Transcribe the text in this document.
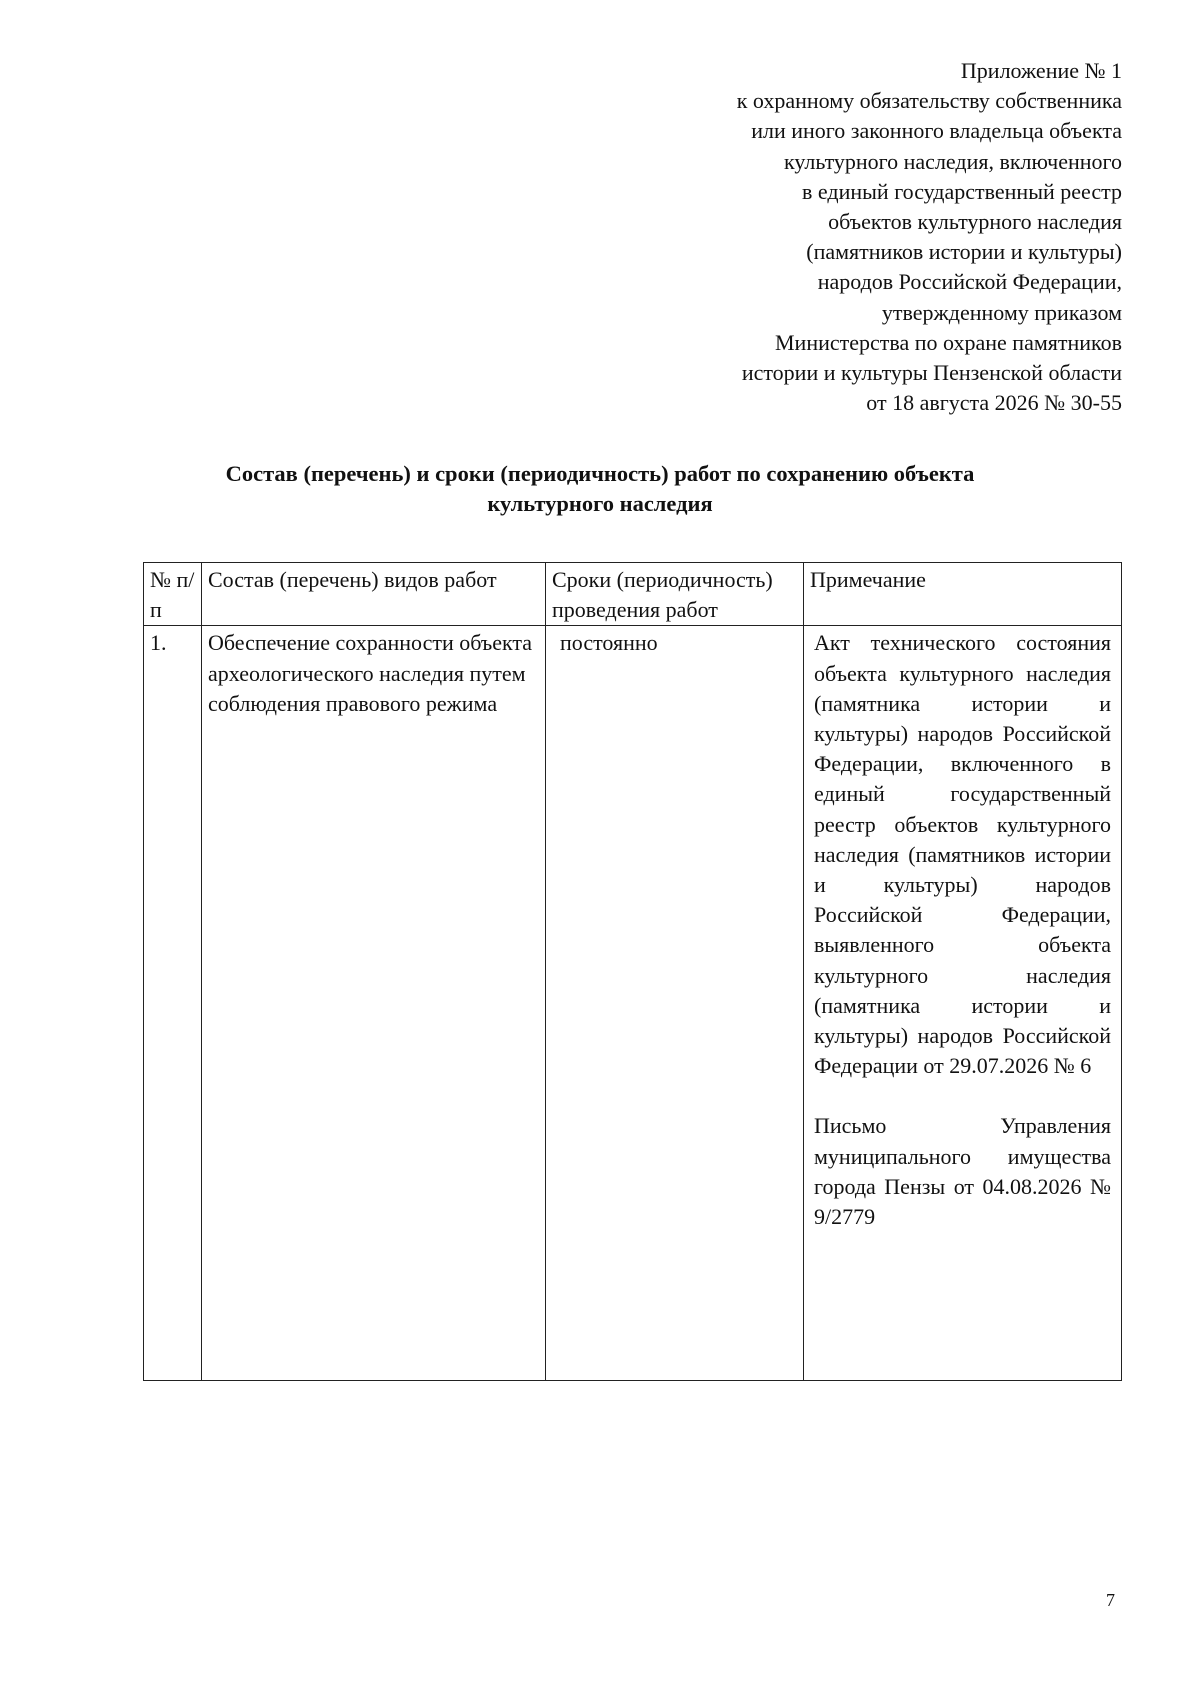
Приложение № 1
к охранному обязательству собственника
или иного законного владельца объекта
культурного наследия, включенного
в единый государственный реестр
объектов культурного наследия
(памятников истории и культуры)
народов Российской Федерации,
утвержденному приказом
Министерства по охране памятников
истории и культуры Пензенской области
от 18 августа 2026 № 30-55
Состав (перечень) и сроки (периодичность) работ по сохранению объекта
культурного наследия
№ п/п	Состав (перечень) видов работ	Сроки (периодичность) проведения работ	Примечание
1.	Обеспечение сохранности объекта археологического наследия путем соблюдения правового режима	постоянно	Акт технического состояния объекта культурного наследия (памятника истории и культуры) народов Российской Федерации, включенного в единый государственный реестр объектов культурного наследия (памятников истории и культуры) народов Российской Федерации, выявленного объекта культурного наследия (памятника истории и культуры) народов Российской Федерации от 29.07.2026 № 6
Письмо Управления муниципального имущества города Пензы от 04.08.2026 № 9/2779
7
